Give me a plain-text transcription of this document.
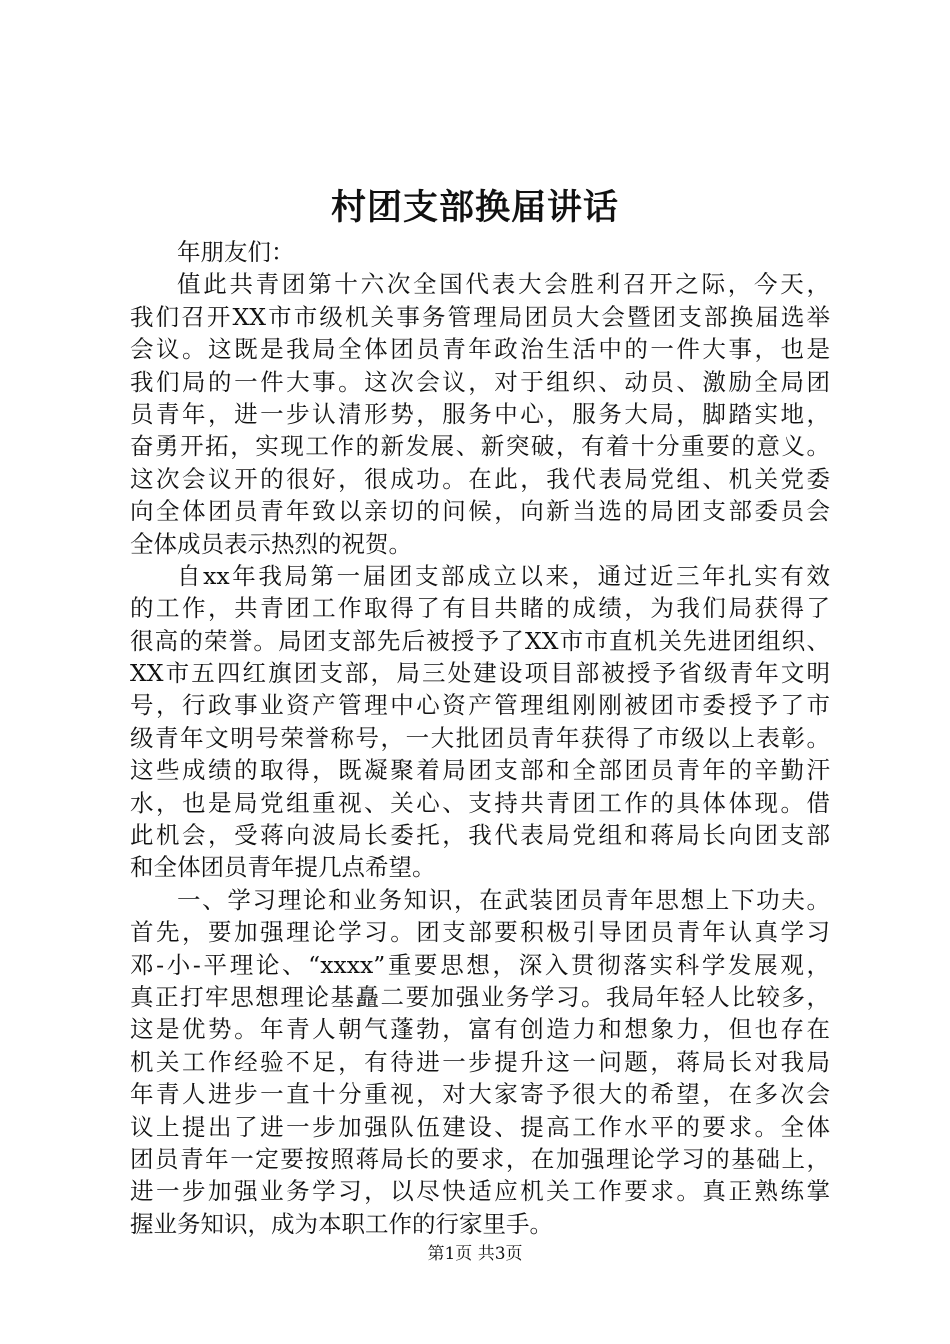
村团支部换届讲话
年朋友们：
值此共青团第十六次全国代表大会胜利召开之际，今天，
我们召开XX市市级机关事务管理局团员大会暨团支部换届选举
会议。这既是我局全体团员青年政治生活中的一件大事，也是
我们局的一件大事。这次会议，对于组织、动员、激励全局团
员青年，进一步认清形势，服务中心，服务大局，脚踏实地，
奋勇开拓，实现工作的新发展、新突破，有着十分重要的意义。
这次会议开的很好，很成功。在此，我代表局党组、机关党委
向全体团员青年致以亲切的问候，向新当选的局团支部委员会
全体成员表示热烈的祝贺。
自xx年我局第一届团支部成立以来，通过近三年扎实有效
的工作，共青团工作取得了有目共睹的成绩，为我们局获得了
很高的荣誉。局团支部先后被授予了XX市市直机关先进团组织、
XX市五四红旗团支部，局三处建设项目部被授予省级青年文明
号，行政事业资产管理中心资产管理组刚刚被团市委授予了市
级青年文明号荣誉称号，一大批团员青年获得了市级以上表彰。
这些成绩的取得，既凝聚着局团支部和全部团员青年的辛勤汗
水，也是局党组重视、关心、支持共青团工作的具体体现。借
此机会，受蒋向波局长委托，我代表局党组和蒋局长向团支部
和全体团员青年提几点希望。
一、学习理论和业务知识，在武装团员青年思想上下功夫。
首先，要加强理论学习。团支部要积极引导团员青年认真学习
邓-小-平理论、“xxxx”重要思想，深入贯彻落实科学发展观，
真正打牢思想理论基矗二要加强业务学习。我局年轻人比较多，
这是优势。年青人朝气蓬勃，富有创造力和想象力，但也存在
机关工作经验不足，有待进一步提升这一问题，蒋局长对我局
年青人进步一直十分重视，对大家寄予很大的希望，在多次会
议上提出了进一步加强队伍建设、提高工作水平的要求。全体
团员青年一定要按照蒋局长的要求，在加强理论学习的基础上，
进一步加强业务学习，以尽快适应机关工作要求。真正熟练掌
握业务知识，成为本职工作的行家里手。
第1页 共3页
